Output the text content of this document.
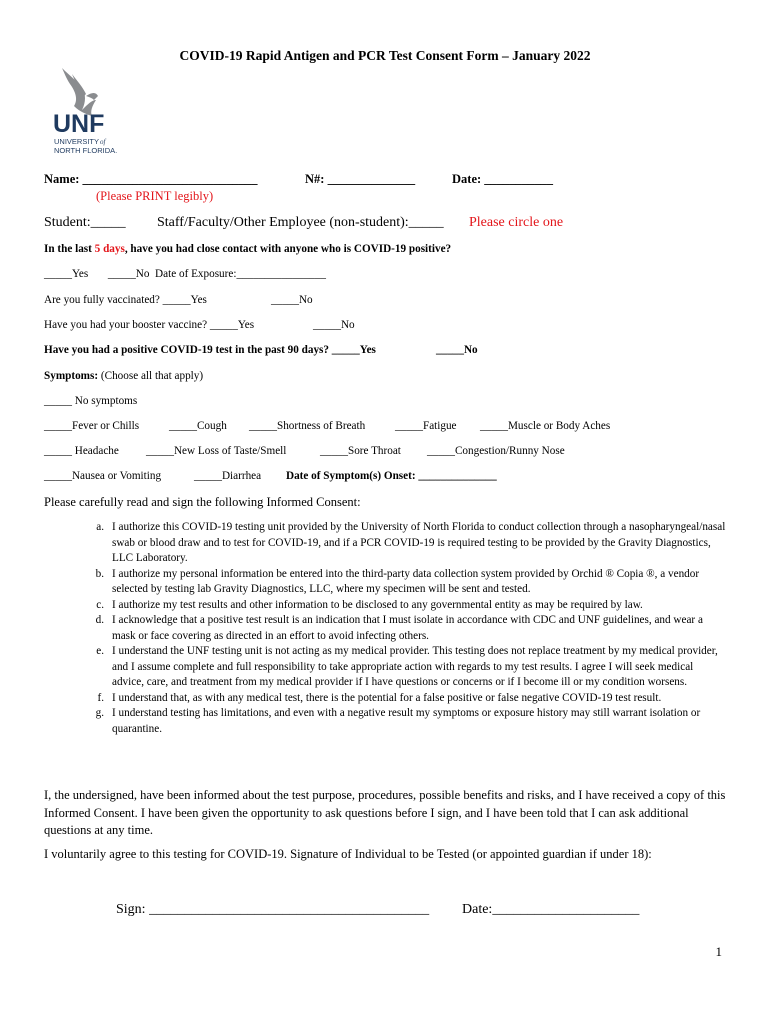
COVID-19 Rapid Antigen and PCR Test Consent Form – January 2022
UNF
UNIVERSITY of
NORTH FLORIDA.
Name: ____________________________	N#: ______________	Date: ___________
(Please PRINT legibly)
Student:_____ Staff/Faculty/Other Employee (non-student):_____ Please circle one
In the last 5 days, have you had close contact with anyone who is COVID-19 positive?
_____Yes       _____No  Date of Exposure:________________
Are you fully vaccinated? _____Yes	_____No
Have you had your booster vaccine? _____Yes	_____No
Have you had a positive COVID-19 test in the past 90 days? _____Yes	_____No
Symptoms: (Choose all that apply)
_____ No symptoms
_____Fever or Chills	_____Cough _____Shortness of Breath	_____Fatigue _____Muscle or Body Aches
_____ Headache _____New Loss of Taste/Smell	_____Sore Throat _____Congestion/Runny Nose
_____Nausea or Vomiting	_____Diarrhea Date of Symptom(s) Onset: ______________
Please carefully read and sign the following Informed Consent:
a. I authorize this COVID-19 testing unit provided by the University of North Florida to conduct collection through a nasopharyngeal/nasal swab or blood draw and to test for COVID-19, and if a PCR COVID-19 is required testing to be provided by the Gravity Diagnostics, LLC Laboratory.
b. I authorize my personal information be entered into the third-party data collection system provided by Orchid ® Copia ®, a vendor selected by testing lab Gravity Diagnostics, LLC, where my specimen will be sent and tested.
c. I authorize my test results and other information to be disclosed to any governmental entity as may be required by law.
d. I acknowledge that a positive test result is an indication that I must isolate in accordance with CDC and UNF guidelines, and wear a mask or face covering as directed in an effort to avoid infecting others.
e. I understand the UNF testing unit is not acting as my medical provider. This testing does not replace treatment by my medical provider, and I assume complete and full responsibility to take appropriate action with regards to my test results. I agree I will seek medical advice, care, and treatment from my medical provider if I have questions or concerns or if I become ill or my condition worsens.
f. I understand that, as with any medical test, there is the potential for a false positive or false negative COVID-19 test result.
g. I understand testing has limitations, and even with a negative result my symptoms or exposure history may still warrant isolation or quarantine.
I, the undersigned, have been informed about the test purpose, procedures, possible benefits and risks, and I have received a copy of this Informed Consent. I have been given the opportunity to ask questions before I sign, and I have been told that I can ask additional questions at any time.
I voluntarily agree to this testing for COVID-19. Signature of Individual to be Tested (or appointed guardian if under 18):
Sign: ________________________________________ Date:_____________________
1
